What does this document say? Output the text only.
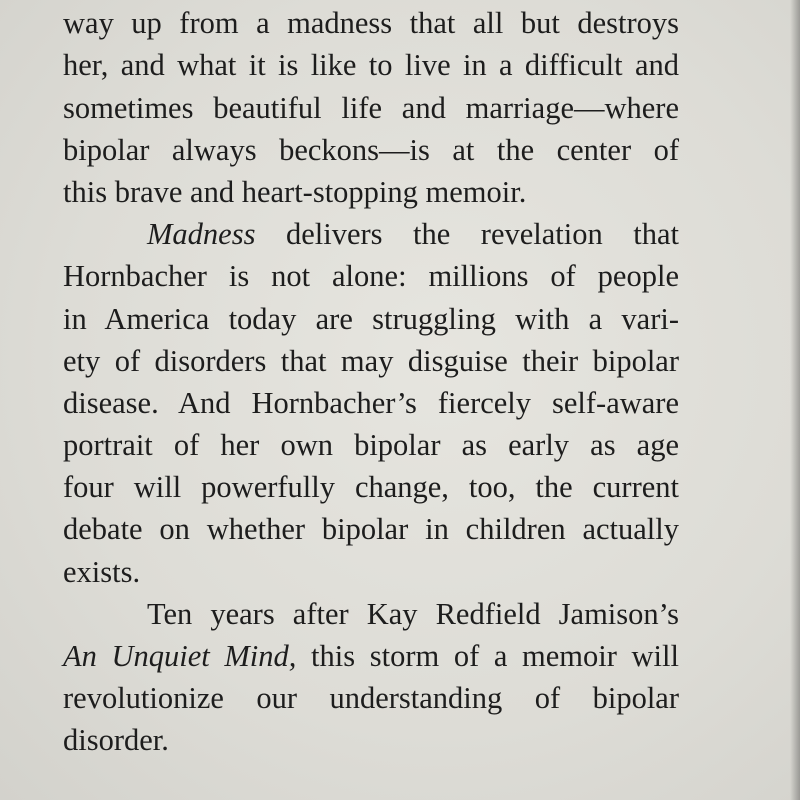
way up from a madness that all but destroys
her, and what it is like to live in a difficult and
sometimes beautiful life and marriage—where
bipolar always beckons—is at the center of
this brave and heart-stopping memoir.
Madness delivers the revelation that
Hornbacher is not alone: millions of people
in America today are struggling with a vari-
ety of disorders that may disguise their bipolar
disease. And Hornbacher’s fiercely self-aware
portrait of her own bipolar as early as age
four will powerfully change, too, the current
debate on whether bipolar in children actually
exists.
Ten years after Kay Redfield Jamison’s
An Unquiet Mind, this storm of a memoir will
revolutionize our understanding of bipolar
disorder.
